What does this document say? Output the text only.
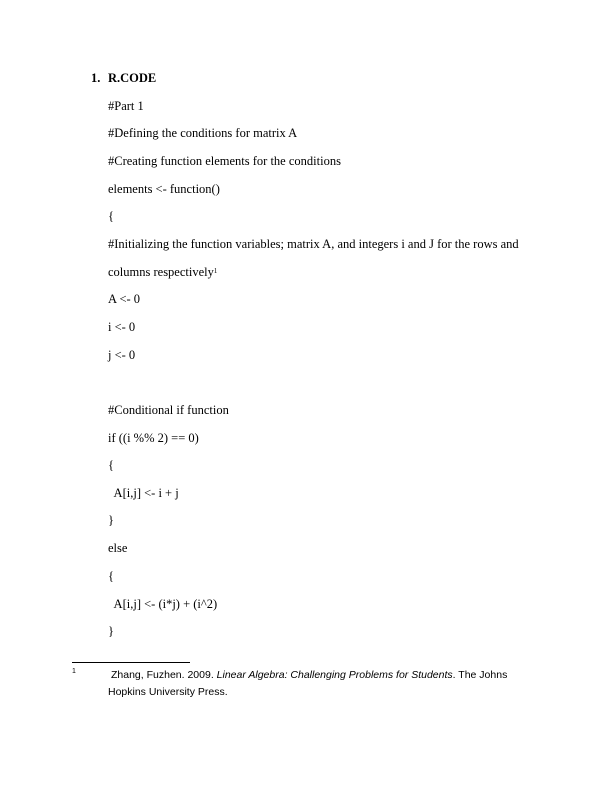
1. R.CODE
#Part 1
#Defining the conditions for matrix A
#Creating function elements for the conditions
elements <- function()
{
#Initializing the function variables; matrix A, and integers i and J for the rows and
columns respectively$^1$
A <- 0
i <- 0
j <- 0
#Conditional if function
if ((i %% 2) == 0)
{
A[i,j] <- i + j
}
else
{
A[i,j] <- (i*j) + (i^2)
}
1	Zhang, Fuzhen. 2009. Linear Algebra: Challenging Problems for Students. The Johns Hopkins University Press.
